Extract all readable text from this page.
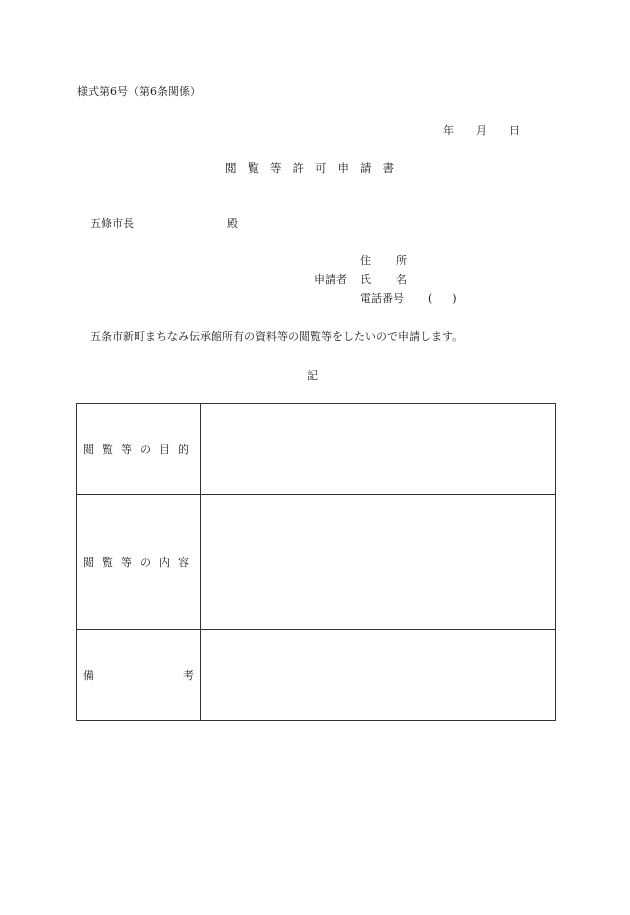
様式第6号（第6条関係）
年 月 日
閲覧等許可申請書
五條市長	殿
住 所
申請者 氏 名
電話番号 ( )
五条市新町まちなみ伝承館所有の資料等の閲覧等をしたいので申請します。
記
閲覧等の目的	
閲覧等の内容	

備 考	
